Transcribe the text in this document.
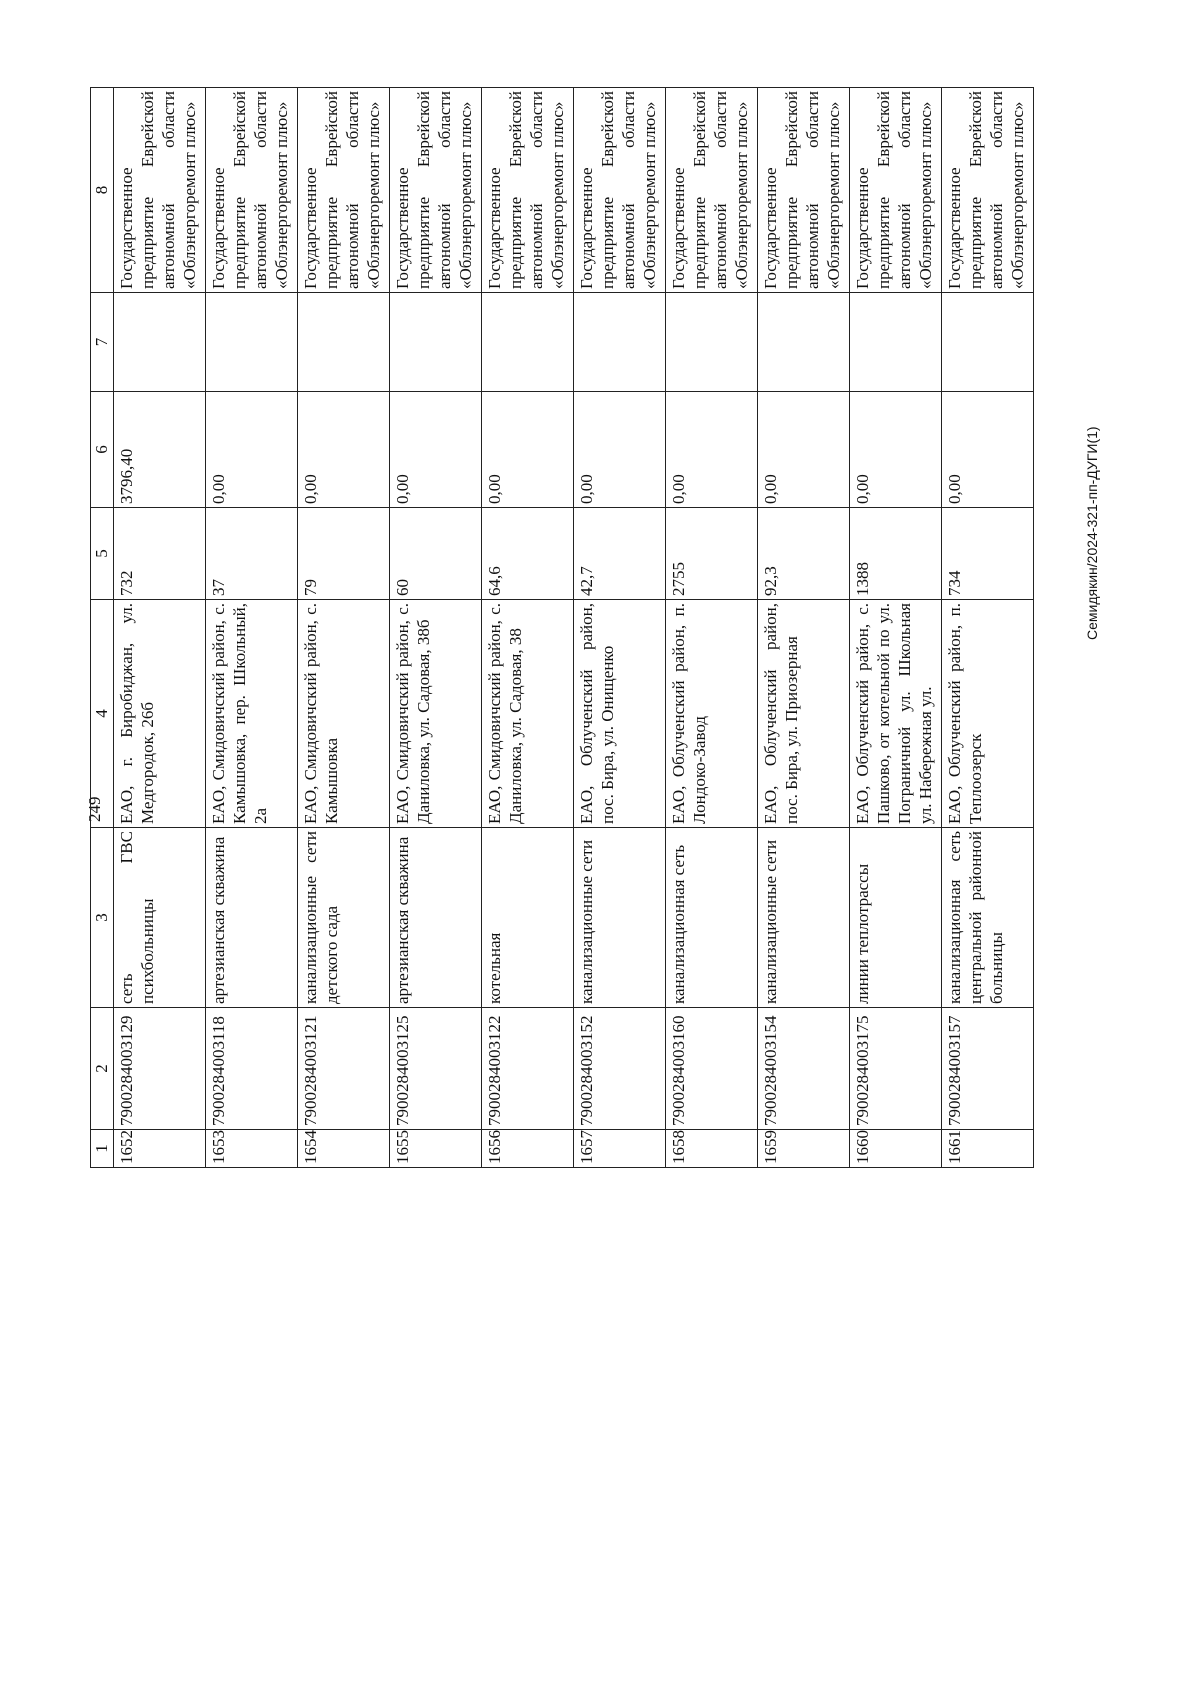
249
1	2	3	4	5	6	7	8
1652	7900284003129	сеть ГВС психбольницы	ЕАО, г. Биробиджан, ул. Медгородок, 26б	732	3796,40		Государственное предприятие Еврейской автономной области «Облэнергоремонт плюс»
1653	7900284003118	артезианская скважина	ЕАО, Смидовичский район, с. Камышовка, пер. Школьный, 2а	37	0,00		Государственное предприятие Еврейской автономной области «Облэнергоремонт плюс»
1654	7900284003121	канализационные сети детского сада	ЕАО, Смидовичский район, с. Камышовка	79	0,00		Государственное предприятие Еврейской автономной области «Облэнергоремонт плюс»
1655	7900284003125	артезианская скважина	ЕАО, Смидовичский район, с. Даниловка, ул. Садовая, 38б	60	0,00		Государственное предприятие Еврейской автономной области «Облэнергоремонт плюс»
1656	7900284003122	котельная	ЕАО, Смидовичский район, с. Даниловка, ул. Садовая, 38	64,6	0,00		Государственное предприятие Еврейской автономной области «Облэнергоремонт плюс»
1657	7900284003152	канализационные сети	ЕАО, Облученский район, пос. Бира, ул. Онищенко	42,7	0,00		Государственное предприятие Еврейской автономной области «Облэнергоремонт плюс»
1658	7900284003160	канализационная сеть	ЕАО, Облученский район, п. Лондоко-Завод	2755	0,00		Государственное предприятие Еврейской автономной области «Облэнергоремонт плюс»
1659	7900284003154	канализационные сети	ЕАО, Облученский район, пос. Бира, ул. Приозерная	92,3	0,00		Государственное предприятие Еврейской автономной области «Облэнергоремонт плюс»
1660	7900284003175	линии теплотрассы	ЕАО, Облученский район, с. Пашково, от котельной по ул. Пограничной ул. Школьная ул. Набережная ул.	1388	0,00		Государственное предприятие Еврейской автономной области «Облэнергоремонт плюс»
1661	7900284003157	канализационная сеть центральной районной больницы	ЕАО, Облученский район, п. Теплоозерск	734	0,00		Государственное предприятие Еврейской автономной области «Облэнергоремонт плюс»
Семидякин/2024-321-пп-ДУГИ(1)
